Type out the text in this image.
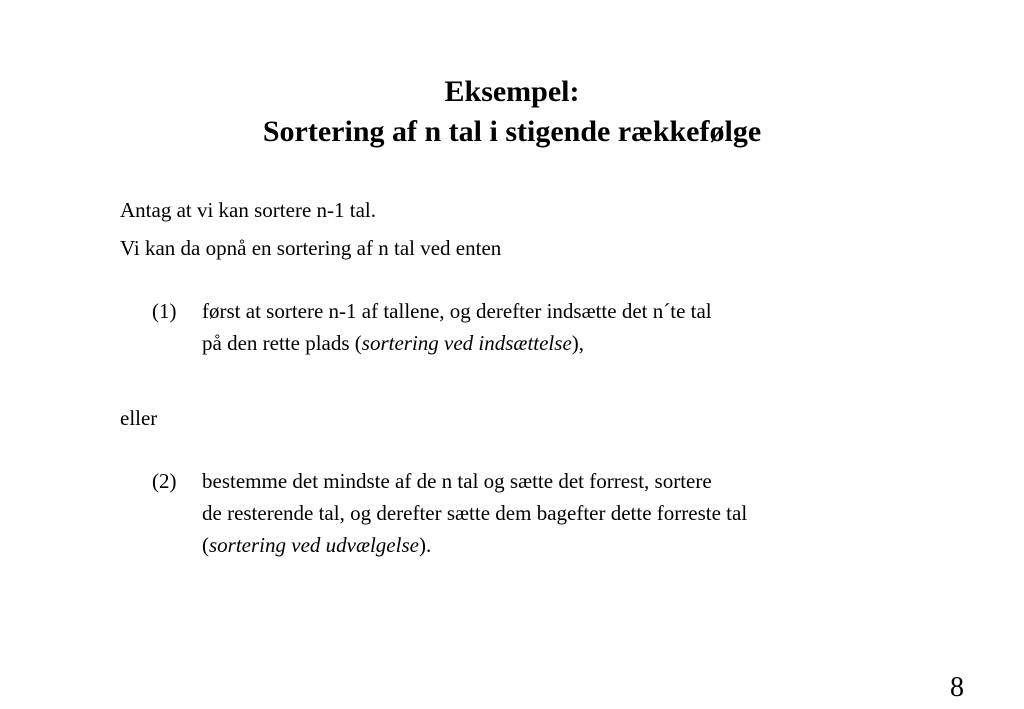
Eksempel:
Sortering af n tal i stigende rækkefølge

Antag at vi kan sortere n-1 tal.

Vi kan da opnå en sortering af n tal ved enten

(1) først at sortere n-1 af tallene, og derefter indsætte det n´te tal

på den rette plads (sortering ved indsættelse),

eller

(2) bestemme det mindste af de n tal og sætte det forrest, sortere

de resterende tal, og derefter sætte dem bagefter dette forreste tal

(sortering ved udvælgelse).

8
